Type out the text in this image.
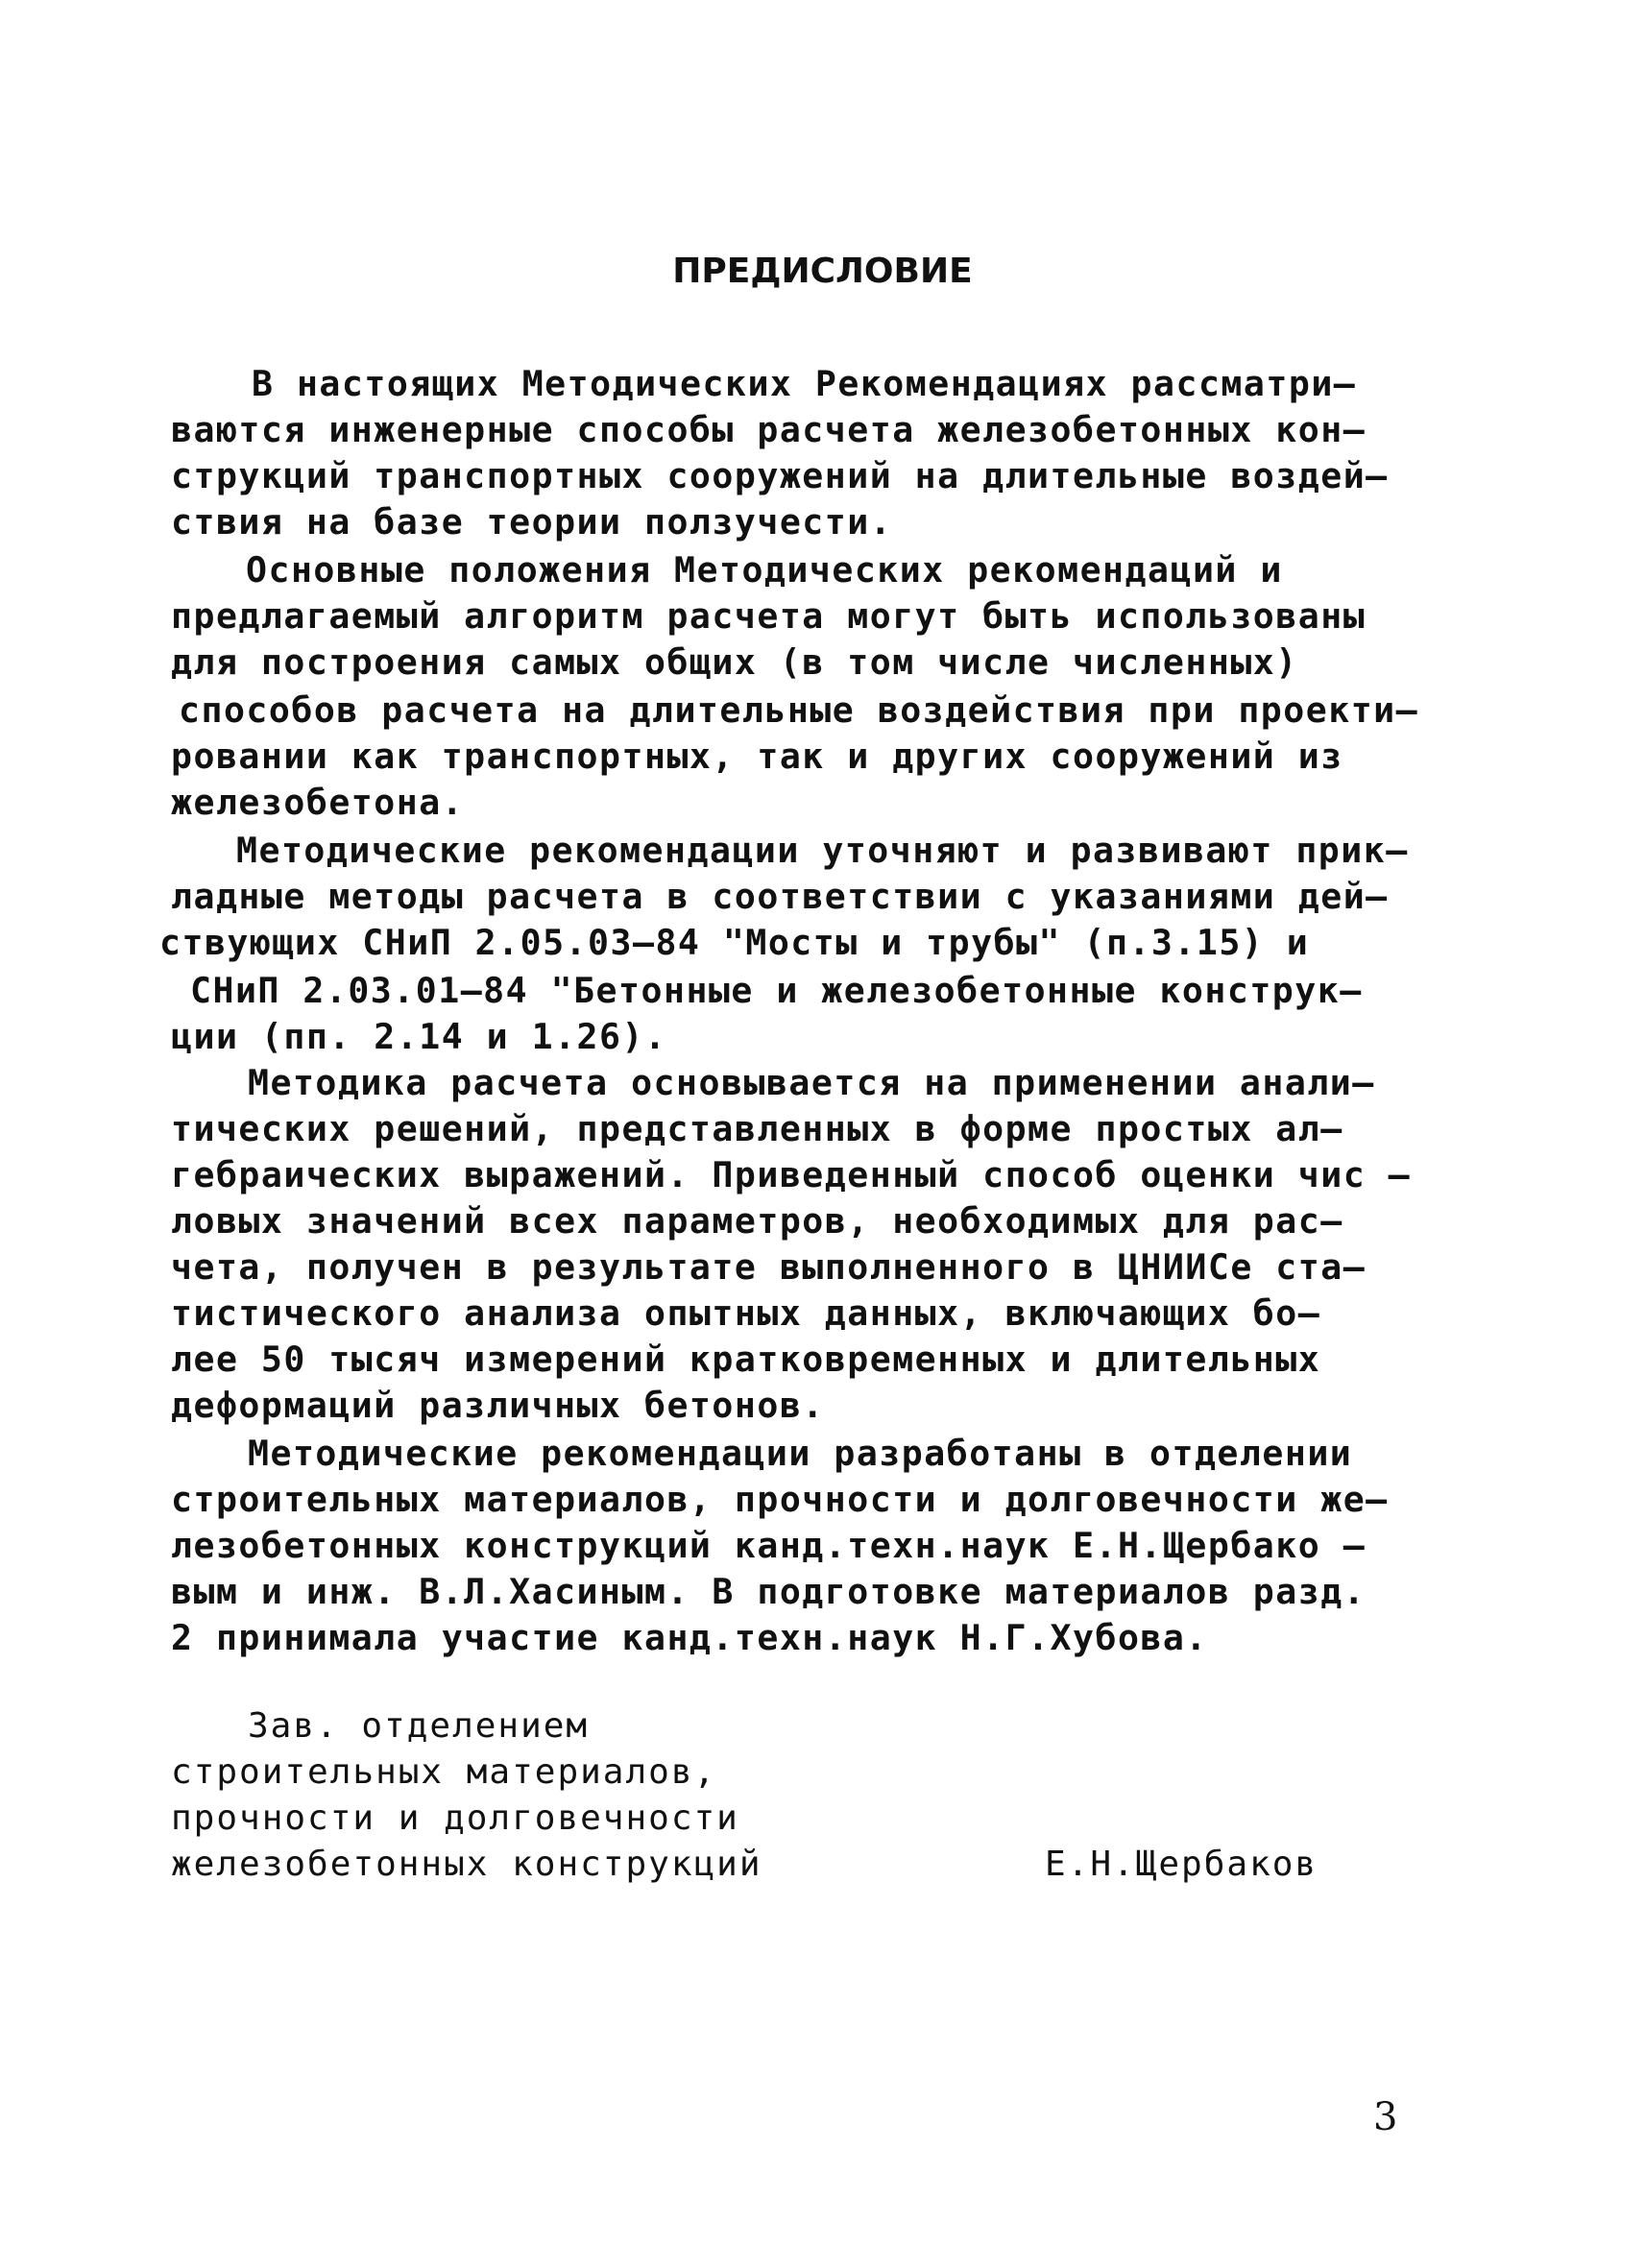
ПРЕДИСЛОВИЕ
В настоящих Методических Рекомендациях рассматри–
ваются инженерные способы расчета железобетонных кон–
струкций транспортных сооружений на длительные воздей–
ствия на базе теории ползучести.
Основные положения Методических рекомендаций и
предлагаемый алгоритм расчета могут быть использованы
для построения самых общих (в том числе численных)
способов расчета на длительные воздействия при проекти–
ровании как транспортных, так и других сооружений из
железобетона.
Методические рекомендации уточняют и развивают прик–
ладные методы расчета в соответствии с указаниями дей–
ствующих СНиП 2.05.03–84 "Мосты и трубы" (п.3.15) и
СНиП 2.03.01–84 "Бетонные и железобетонные конструк–
ции (пп. 2.14 и 1.26).
Методика расчета основывается на применении анали–
тических решений, представленных в форме простых ал–
гебраических выражений. Приведенный способ оценки чис –
ловых значений всех параметров, необходимых для рас–
чета, получен в результате выполненного в ЦНИИСе ста–
тистического анализа опытных данных, включающих бо–
лее 50 тысяч измерений кратковременных и длительных
деформаций различных бетонов.
Методические рекомендации разработаны в отделении
строительных материалов, прочности и долговечности же–
лезобетонных конструкций канд.техн.наук Е.Н.Щербако –
вым и инж. В.Л.Хасиным. В подготовке материалов разд.
2 принимала участие канд.техн.наук Н.Г.Хубова.
Зав. отделением
строительных материалов,
прочности и долговечности
железобетонных конструкций	Е.Н.Щербаков
3
